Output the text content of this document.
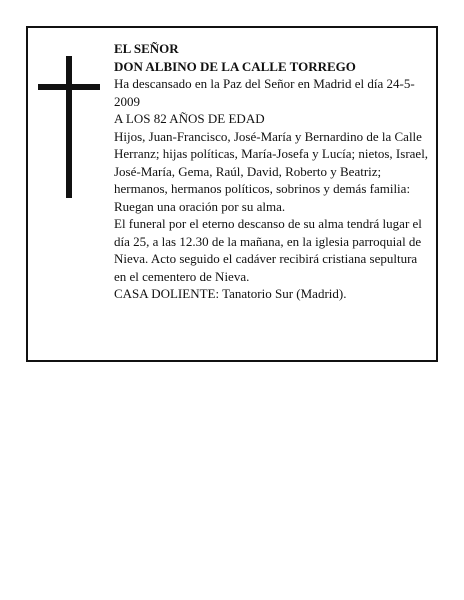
EL SEÑOR

DON ALBINO DE LA CALLE TORREGO

Ha descansado en la Paz del Señor en Madrid el día 24-5-2009

A LOS 82 AÑOS DE EDAD

Hijos, Juan-Francisco, José-María y Bernardino de la Calle Herranz; hijas políticas, María-Josefa y Lucía; nietos, Israel, José-María, Gema, Raúl, David, Roberto y Beatriz; hermanos, hermanos políticos, sobrinos y demás familia:

Ruegan una oración por su alma.

El funeral por el eterno descanso de su alma tendrá lugar el día 25, a las 12.30 de la mañana, en la iglesia parroquial de Nieva. Acto seguido el cadáver recibirá cristiana sepultura en el cementero de Nieva.

CASA DOLIENTE: Tanatorio Sur (Madrid).
